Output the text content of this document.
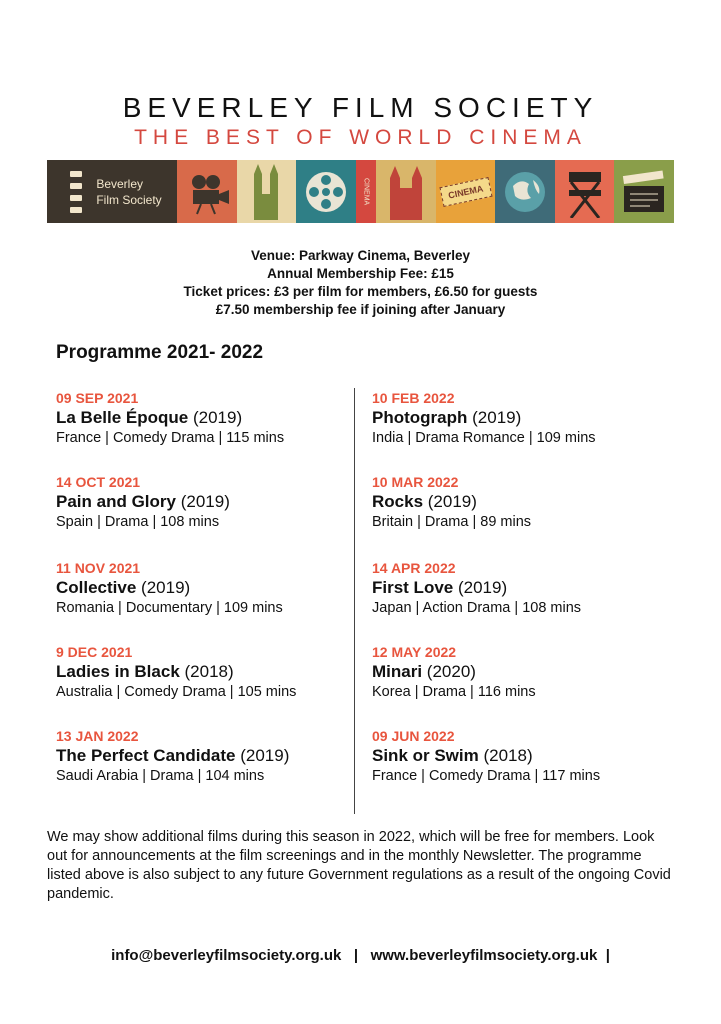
BEVERLEY FILM SOCIETY
THE BEST OF WORLD CINEMA
Beverley
Film Society	CINEMA	CINEMA
Venue: Parkway Cinema, Beverley
Annual Membership Fee: £15
Ticket prices: £3 per film for members, £6.50 for guests
£7.50 membership fee if joining after January
Programme 2021- 2022
09 SEP 2021
La Belle Époque (2019)
France | Comedy Drama | 115 mins
14 OCT 2021
Pain and Glory (2019)
Spain | Drama | 108 mins
11 NOV 2021
Collective (2019)
Romania | Documentary | 109 mins
9 DEC 2021
Ladies in Black (2018)
Australia | Comedy Drama | 105 mins
13 JAN 2022
The Perfect Candidate (2019)
Saudi Arabia | Drama | 104 mins
10 FEB 2022
Photograph (2019)
India | Drama Romance | 109 mins
10 MAR 2022
Rocks (2019)
Britain | Drama | 89 mins
14 APR 2022
First Love (2019)
Japan | Action Drama | 108 mins
12 MAY 2022
Minari (2020)
Korea | Drama | 116 mins
09 JUN 2022
Sink or Swim (2018)
France | Comedy Drama | 117 mins
We may show additional films during this season in 2022, which will be free for members. Look out for announcements at the film screenings and in the monthly Newsletter. The programme listed above is also subject to any future Government regulations as a result of the ongoing Covid pandemic.
info@beverleyfilmsociety.org.uk | www.beverleyfilmsociety.org.uk |
